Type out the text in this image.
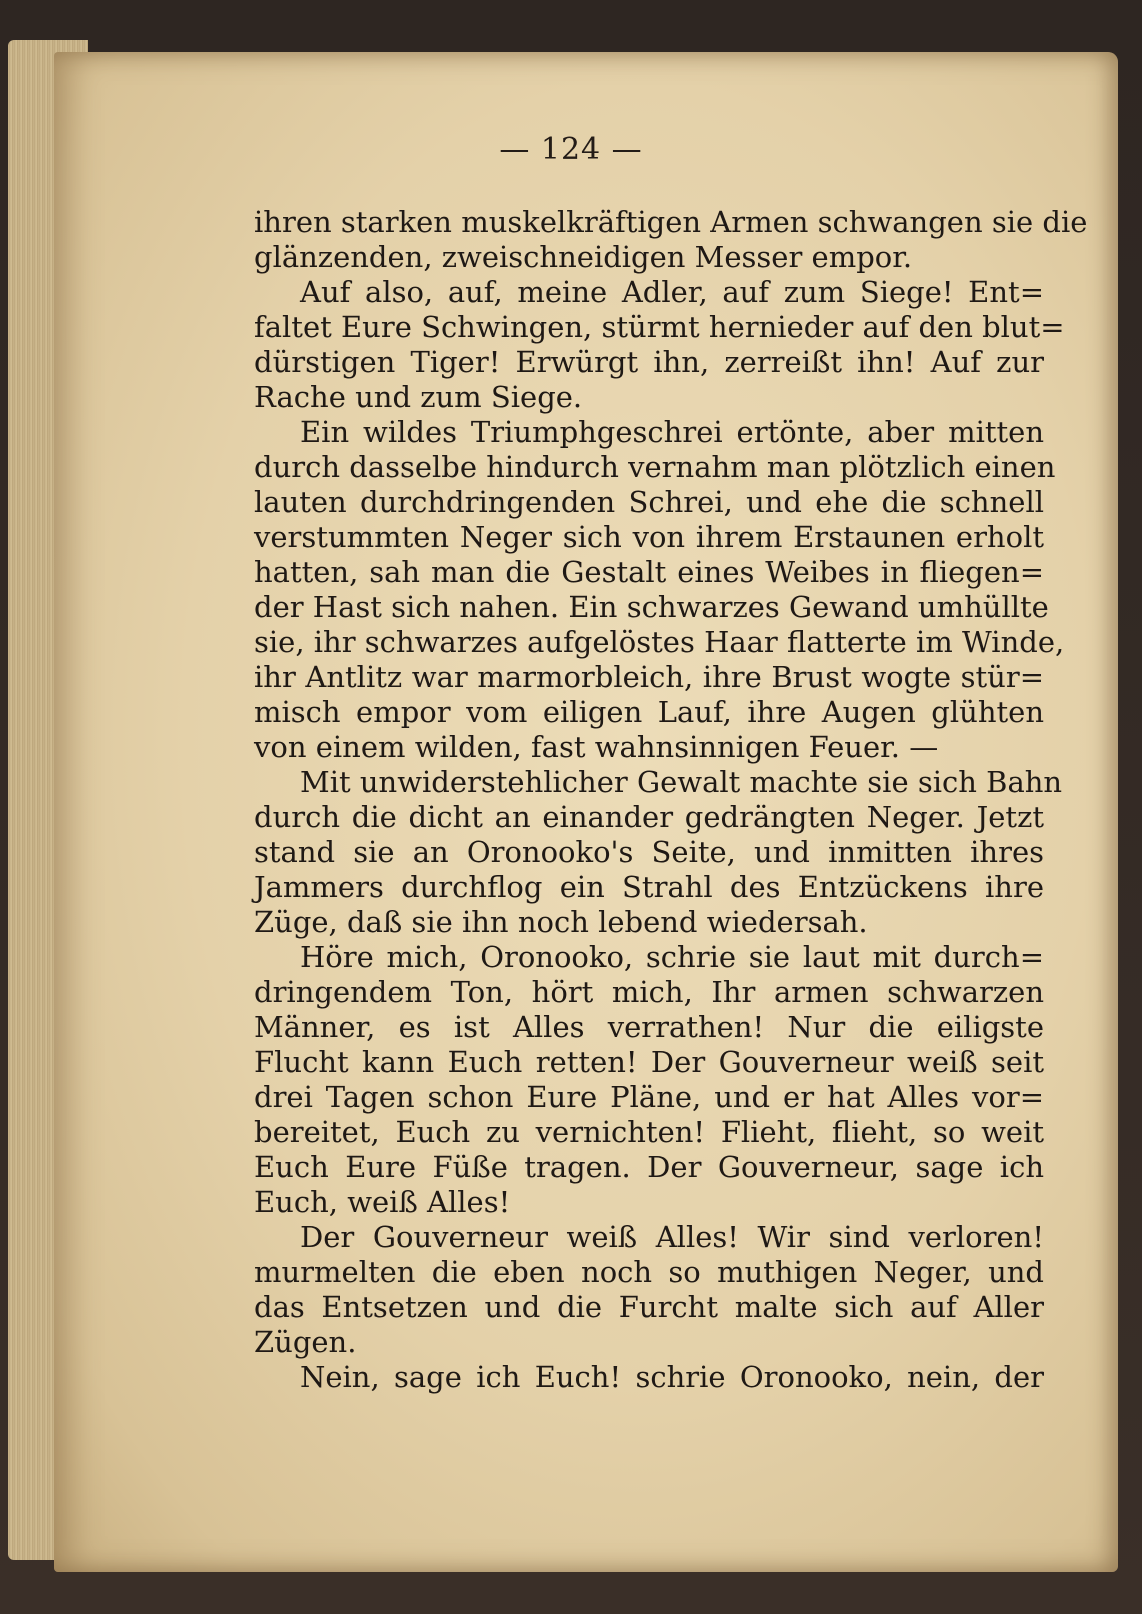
— 124 —
ihren starken muskelkräftigen Armen schwangen sie die
glänzenden, zweischneidigen Messer empor.
Auf also, auf, meine Adler, auf zum Siege! Ent=
faltet Eure Schwingen, stürmt hernieder auf den blut=
dürstigen Tiger! Erwürgt ihn, zerreißt ihn! Auf zur
Rache und zum Siege.
Ein wildes Triumphgeschrei ertönte, aber mitten
durch dasselbe hindurch vernahm man plötzlich einen
lauten durchdringenden Schrei, und ehe die schnell
verstummten Neger sich von ihrem Erstaunen erholt
hatten, sah man die Gestalt eines Weibes in fliegen=
der Hast sich nahen. Ein schwarzes Gewand umhüllte
sie, ihr schwarzes aufgelöstes Haar flatterte im Winde,
ihr Antlitz war marmorbleich, ihre Brust wogte stür=
misch empor vom eiligen Lauf, ihre Augen glühten
von einem wilden, fast wahnsinnigen Feuer. —
Mit unwiderstehlicher Gewalt machte sie sich Bahn
durch die dicht an einander gedrängten Neger. Jetzt
stand sie an Oronooko's Seite, und inmitten ihres
Jammers durchflog ein Strahl des Entzückens ihre
Züge, daß sie ihn noch lebend wiedersah.
Höre mich, Oronooko, schrie sie laut mit durch=
dringendem Ton, hört mich, Ihr armen schwarzen
Männer, es ist Alles verrathen! Nur die eiligste
Flucht kann Euch retten! Der Gouverneur weiß seit
drei Tagen schon Eure Pläne, und er hat Alles vor=
bereitet, Euch zu vernichten! Flieht, flieht, so weit
Euch Eure Füße tragen. Der Gouverneur, sage ich
Euch, weiß Alles!
Der Gouverneur weiß Alles! Wir sind verloren!
murmelten die eben noch so muthigen Neger, und
das Entsetzen und die Furcht malte sich auf Aller
Zügen.
Nein, sage ich Euch! schrie Oronooko, nein, der
